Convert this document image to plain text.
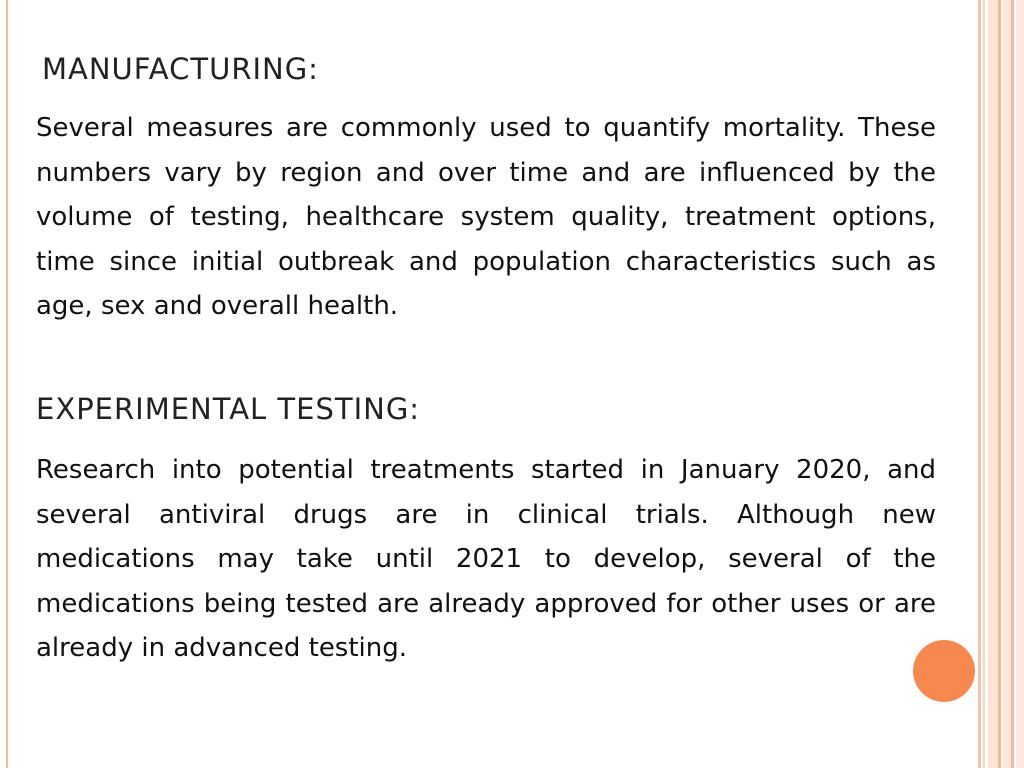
MANUFACTURING:

Several measures are commonly used to quantify mortality. These numbers vary by region and over time and are influenced by the volume of testing, healthcare system quality, treatment options, time since initial outbreak and population characteristics such as age, sex and overall health.

EXPERIMENTAL TESTING:

Research into potential treatments started in January 2020, and several antiviral drugs are in clinical trials. Although new medications may take until 2021 to develop, several of the medications being tested are already approved for other uses or are already in advanced testing.
